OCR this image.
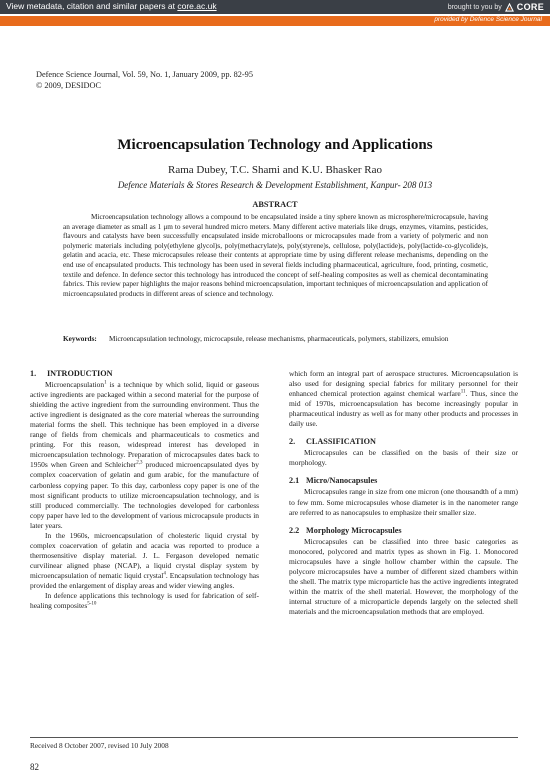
View metadata, citation and similar papers at core.ac.uk	brought to you by CORE
provided by Defence Science Journal
Defence Science Journal, Vol. 59, No. 1, January 2009, pp. 82-95
© 2009, DESIDOC
Microencapsulation Technology and Applications
Rama Dubey, T.C. Shami and K.U. Bhasker Rao
Defence Materials & Stores Research & Development Establishment, Kanpur- 208 013
ABSTRACT
Microencapsulation technology allows a compound to be encapsulated inside a tiny sphere known as microsphere/microcapsule, having an average diameter as small as 1 μm to several hundred micro meters. Many different active materials like drugs, enzymes, vitamins, pesticides, flavours and catalysts have been successfully encapsulated inside microballoons or microcapsules made from a variety of polymeric and non polymeric materials including poly(ethylene glycol)s, poly(methacrylate)s, poly(styrene)s, cellulose, poly(lactide)s, poly(lactide-co-glycolide)s, gelatin and acacia, etc. These microcapsules release their contents at appropriate time by using different release mechanisms, depending on the end use of encapsulated products. This technology has been used in several fields including pharmaceutical, agriculture, food, printing, cosmetic, textile and defence. In defence sector this technology has introduced the concept of self-healing composites as well as chemical decontaminating fabrics. This review paper highlights the major reasons behind microencapsulation, important techniques of microencapsulation and application of microencapsulated products in different areas of science and technology.
Keywords:	Microencapsulation technology, microcapsule, release mechanisms, pharmaceuticals, polymers, stabilizers, emulsion
1. INTRODUCTION

Microencapsulation$^1$ is a technique by which solid, liquid or gaseous active ingredients are packaged within a second material for the purpose of shielding the active ingredient from the surrounding environment. Thus the active ingredient is designated as the core material whereas the surrounding material forms the shell. This technique has been employed in a diverse range of fields from chemicals and pharmaceuticals to cosmetics and printing. For this reason, widespread interest has developed in microencapsulation technology. Preparation of microcapsules dates back to 1950s when Green and Schleicher$^{2,3}$ produced microencapsulated dyes by complex coacervation of gelatin and gum arabic, for the manufacture of carbonless copying paper. To this day, carbonless copy paper is one of the most significant products to utilize microencapsulation technology, and is still produced commercially. The technologies developed for carbonless copy paper have led to the development of various microcapsule products in later years.

In the 1960s, microencapsulation of cholesteric liquid crystal by complex coacervation of gelatin and acacia was reported to produce a thermosensitive display material. J. L. Fergason developed nematic curvilinear aligned phase (NCAP), a liquid crystal display system by microencapsulation of nematic liquid crystal$^4$. Encapsulation technology has provided the enlargement of display areas and wider viewing angles.

In defence applications this technology is used for fabrication of self-healing composites$^{5-10}$

which form an integral part of aerospace structures. Microencapsulation is also used for designing special fabrics for military personnel for their enhanced chemical protection against chemical warfare$^{11}$. Thus, since the mid of 1970s, microencapsulation has become increasingly popular in pharmaceutical industry as well as for many other products and processes in daily use.

2. CLASSIFICATION

Microcapsules can be classified on the basis of their size or morphology.

2.1 Micro/Nanocapsules

Microcapsules range in size from one micron (one thousandth of a mm) to few mm. Some microcapsules whose diameter is in the nanometer range are referred to as nanocapsules to emphasize their smaller size.

2.2 Morphology Microcapsules

Microcapsules can be classified into three basic categories as monocored, polycored and matrix types as shown in Fig. 1. Monocored microcapsules have a single hollow chamber within the capsule. The polycore microcapsules have a number of different sized chambers within the shell. The matrix type microparticle has the active ingredients integrated within the matrix of the shell material. However, the morphology of the internal structure of a microparticle depends largely on the selected shell materials and the microencapsulation methods that are employed.

Received 8 October 2007, revised 10 July 2008
82
